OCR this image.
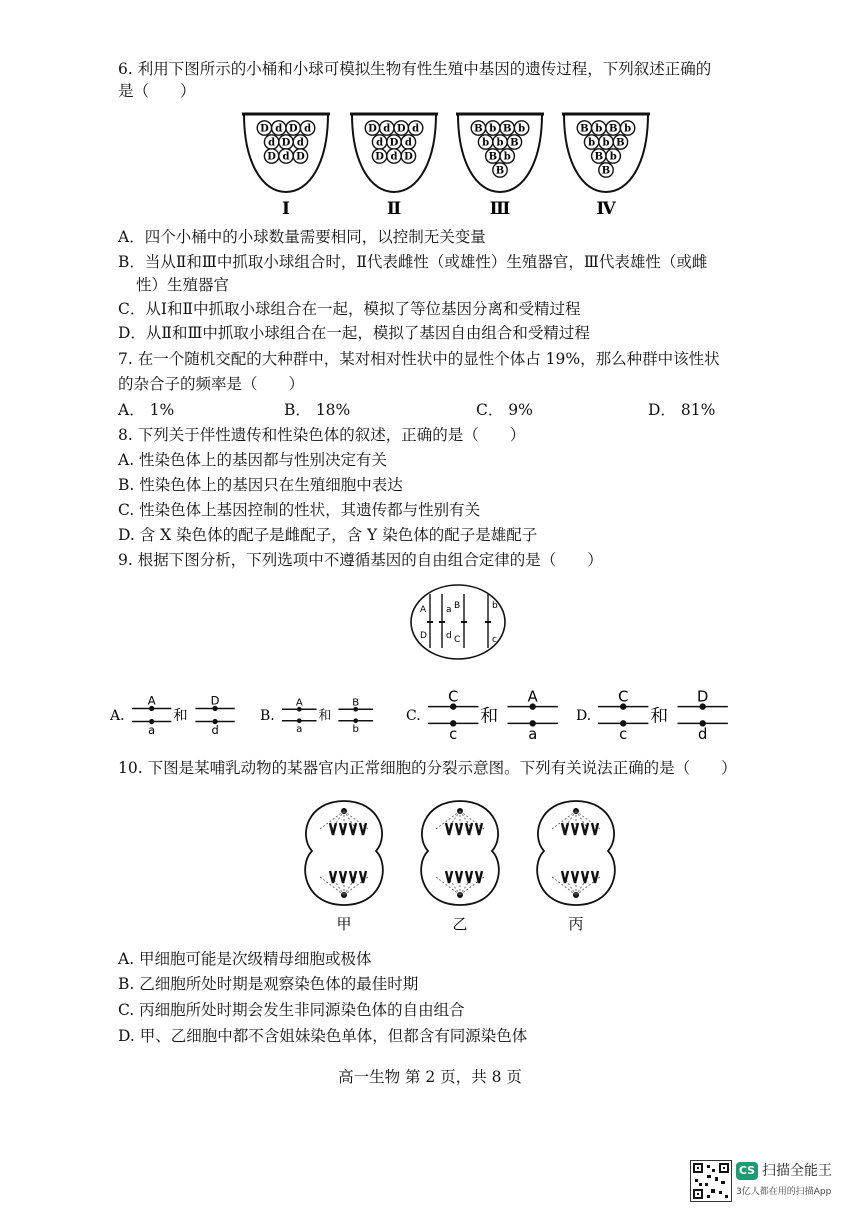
6. 利用下图所示的小桶和小球可模拟生物有性生殖中基因的遗传过程，下列叙述正确的
是（　　）
D d D d
d D d
D d D
Ⅰ
D d D d
d D d
D d D
Ⅱ
B b B b
b b B
B b
B
Ⅲ
B b B b
b b B
B b
B
Ⅳ
A．四个小桶中的小球数量需要相同，以控制无关变量
B．当从Ⅱ和Ⅲ中抓取小球组合时，Ⅱ代表雌性（或雄性）生殖器官，Ⅲ代表雄性（或雌
性）生殖器官
C．从Ⅰ和Ⅱ中抓取小球组合在一起，模拟了等位基因分离和受精过程
D．从Ⅱ和Ⅲ中抓取小球组合在一起，模拟了基因自由组合和受精过程
7. 在一个随机交配的大种群中，某对相对性状中的显性个体占 19%，那么种群中该性状
的杂合子的频率是（　　）
A． 1%	B． 18%	C． 9%	D． 81%
8. 下列关于伴性遗传和性染色体的叙述，正确的是（　　）
A. 性染色体上的基因都与性别决定有关
B. 性染色体上的基因只在生殖细胞中表达
C. 性染色体上基因控制的性状，其遗传都与性别有关
D. 含 X 染色体的配子是雌配子，含 Y 染色体的配子是雄配子
9. 根据下图分析，下列选项中不遵循基因的自由组合定律的是（　　）
A
D
a
d
B
C
b
c
A.
A
a
和
D
d
B.
A
a
和
B
b
C.
C
c
和
A
a
D.
C
c
和
D
d
10. 下图是某哺乳动物的某器官内正常细胞的分裂示意图。下列有关说法正确的是（　　）
甲	乙	丙
A. 甲细胞可能是次级精母细胞或极体
B. 乙细胞所处时期是观察染色体的最佳时期
C. 丙细胞所处时期会发生非同源染色体的自由组合
D. 甲、乙细胞中都不含姐妹染色单体，但都含有同源染色体
高一生物 第 2 页，共 8 页
CS 扫描全能王
3亿人都在用的扫描App
